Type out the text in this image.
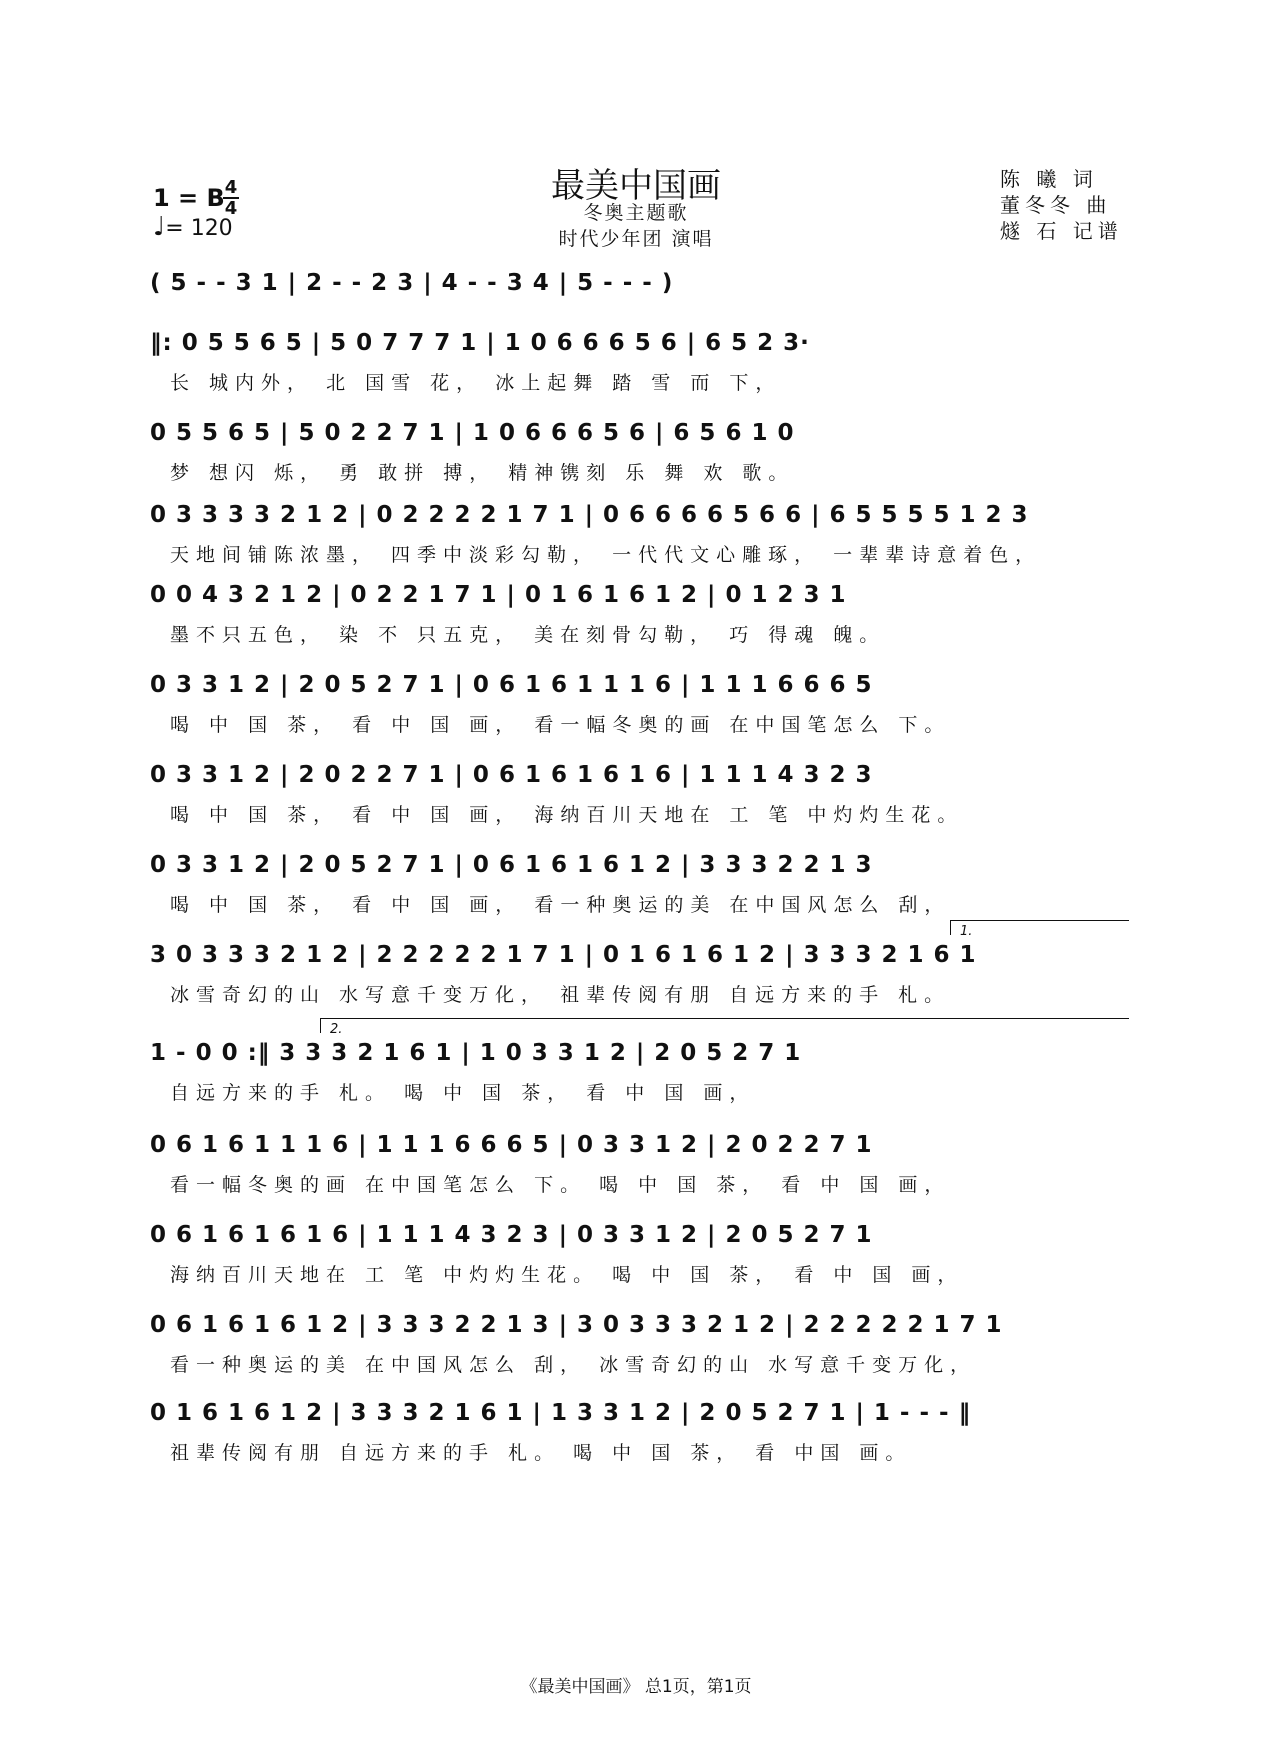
最美中国画
冬奥主题歌
时代少年团 演唱
1 = B 4
4
♩= 120
陈 曦 词
董冬冬 曲
燧 石 记谱
( 5 - - 3 1 | 2 - - 2 3 | 4 - - 3 4 | 5 - - - )
‖: 0 5 5 6 5 | 5 0 7 7 7 1 | 1 0 6 6 6 5 6 | 6 5 2 3·
长 城内外， 北 国雪 花， 冰上起舞 踏 雪 而 下，
0 5 5 6 5 | 5 0 2 2 7 1 | 1 0 6 6 6 5 6 | 6 5 6 1 0
梦 想闪 烁， 勇 敢拼 搏， 精神镌刻 乐 舞 欢 歌。
0 3 3 3 3 2 1 2 | 0 2 2 2 2 1 7 1 | 0 6 6 6 6 5 6 6 | 6 5 5 5 5 1 2 3
天地间铺陈浓墨， 四季中淡彩勾勒， 一代代文心雕琢， 一辈辈诗意着色，
0 0 4 3 2 1 2 | 0 2 2 1 7 1 | 0 1 6 1 6 1 2 | 0 1 2 3 1
墨不只五色， 染 不 只五克， 美在刻骨勾勒， 巧 得魂 魄。
0 3 3 1 2 | 2 0 5 2 7 1 | 0 6 1 6 1 1 1 6 | 1 1 1 6 6 6 5
喝 中 国 茶， 看 中 国 画， 看一幅冬奥的画 在中国笔怎么 下。
0 3 3 1 2 | 2 0 2 2 7 1 | 0 6 1 6 1 6 1 6 | 1 1 1 4 3 2 3
喝 中 国 茶， 看 中 国 画， 海纳百川天地在 工 笔 中灼灼生花。
0 3 3 1 2 | 2 0 5 2 7 1 | 0 6 1 6 1 6 1 2 | 3 3 3 2 2 1 3
喝 中 国 茶， 看 中 国 画， 看一种奥运的美 在中国风怎么 刮，
3 0 3 3 3 2 1 2 | 2 2 2 2 2 1 7 1 | 0 1 6 1 6 1 2 | 3 3 3 2 1 6 1
冰雪奇幻的山 水写意千变万化， 祖辈传阅有朋 自远方来的手 札。
1.
1 - 0 0 :‖ 3 3 3 2 1 6 1 | 1 0 3 3 1 2 | 2 0 5 2 7 1
自远方来的手 札。 喝 中 国 茶， 看 中 国 画，
2.
0 6 1 6 1 1 1 6 | 1 1 1 6 6 6 5 | 0 3 3 1 2 | 2 0 2 2 7 1
看一幅冬奥的画 在中国笔怎么 下。 喝 中 国 茶， 看 中 国 画，
0 6 1 6 1 6 1 6 | 1 1 1 4 3 2 3 | 0 3 3 1 2 | 2 0 5 2 7 1
海纳百川天地在 工 笔 中灼灼生花。 喝 中 国 茶， 看 中 国 画，
0 6 1 6 1 6 1 2 | 3 3 3 2 2 1 3 | 3 0 3 3 3 2 1 2 | 2 2 2 2 2 1 7 1
看一种奥运的美 在中国风怎么 刮， 冰雪奇幻的山 水写意千变万化，
0 1 6 1 6 1 2 | 3 3 3 2 1 6 1 | 1 3 3 1 2 | 2 0 5 2 7 1 | 1 - - - ‖
祖辈传阅有朋 自远方来的手 札。 喝 中 国 茶， 看 中国 画。
《最美中国画》 总1页，第1页
